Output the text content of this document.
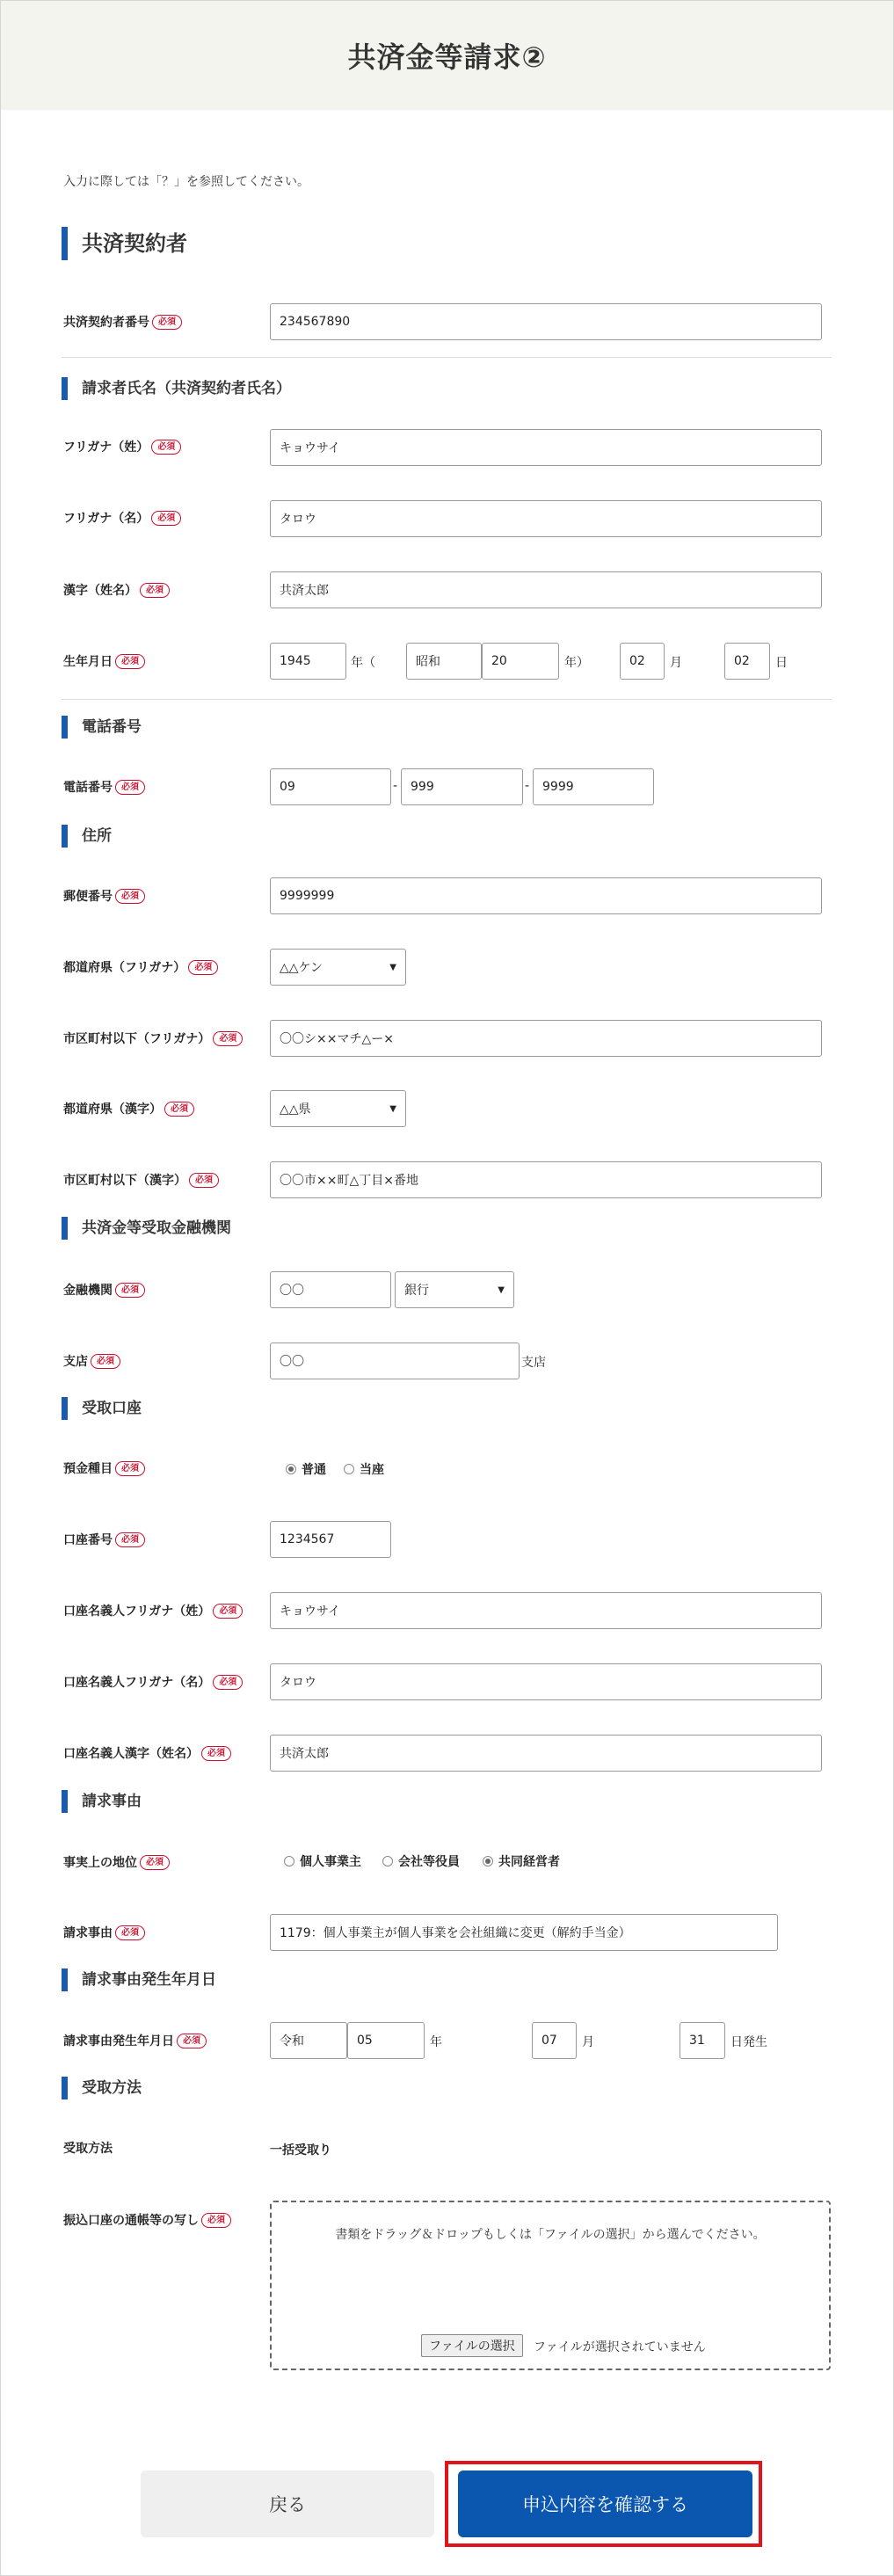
共済金等請求②
入力に際しては「？」を参照してください。
共済契約者
共済契約者番号	必須	234567890
請求者氏名（共済契約者氏名）
フリガナ（姓）	必須	キョウサイ
フリガナ（名）	必須	タロウ
漢字（姓名）	必須	共済太郎
生年月日	必須	1945	年（	昭和	20	年）	02	月	02	日
電話番号
電話番号	必須	09	-	999	-	9999
住所
郵便番号	必須	9999999
都道府県（フリガナ）	必須	△△ケン	▼
市区町村以下（フリガナ）	必須	〇〇シ××マチ△ー×
都道府県（漢字）	必須	△△県	▼
市区町村以下（漢字）	必須	〇〇市××町△丁目×番地
共済金等受取金融機関
金融機関	必須	〇〇	銀行	▼
支店	必須	〇〇	支店
受取口座
預金種目	必須	普通	当座
口座番号	必須	1234567
口座名義人フリガナ（姓）	必須	キョウサイ
口座名義人フリガナ（名）	必須	タロウ
口座名義人漢字（姓名）	必須	共済太郎
請求事由
事実上の地位	必須	個人事業主	会社等役員	共同経営者
請求事由	必須	1179：個人事業主が個人事業を会社組織に変更（解約手当金）
請求事由発生年月日
請求事由発生年月日	必須	令和	05	年	07	月	31	日発生
受取方法
受取方法	一括受取り
振込口座の通帳等の写し	必須
書類をドラッグ＆ドロップもしくは「ファイルの選択」から選んでください。
ファイルの選択	ファイルが選択されていません
戻る	申込内容を確認する
